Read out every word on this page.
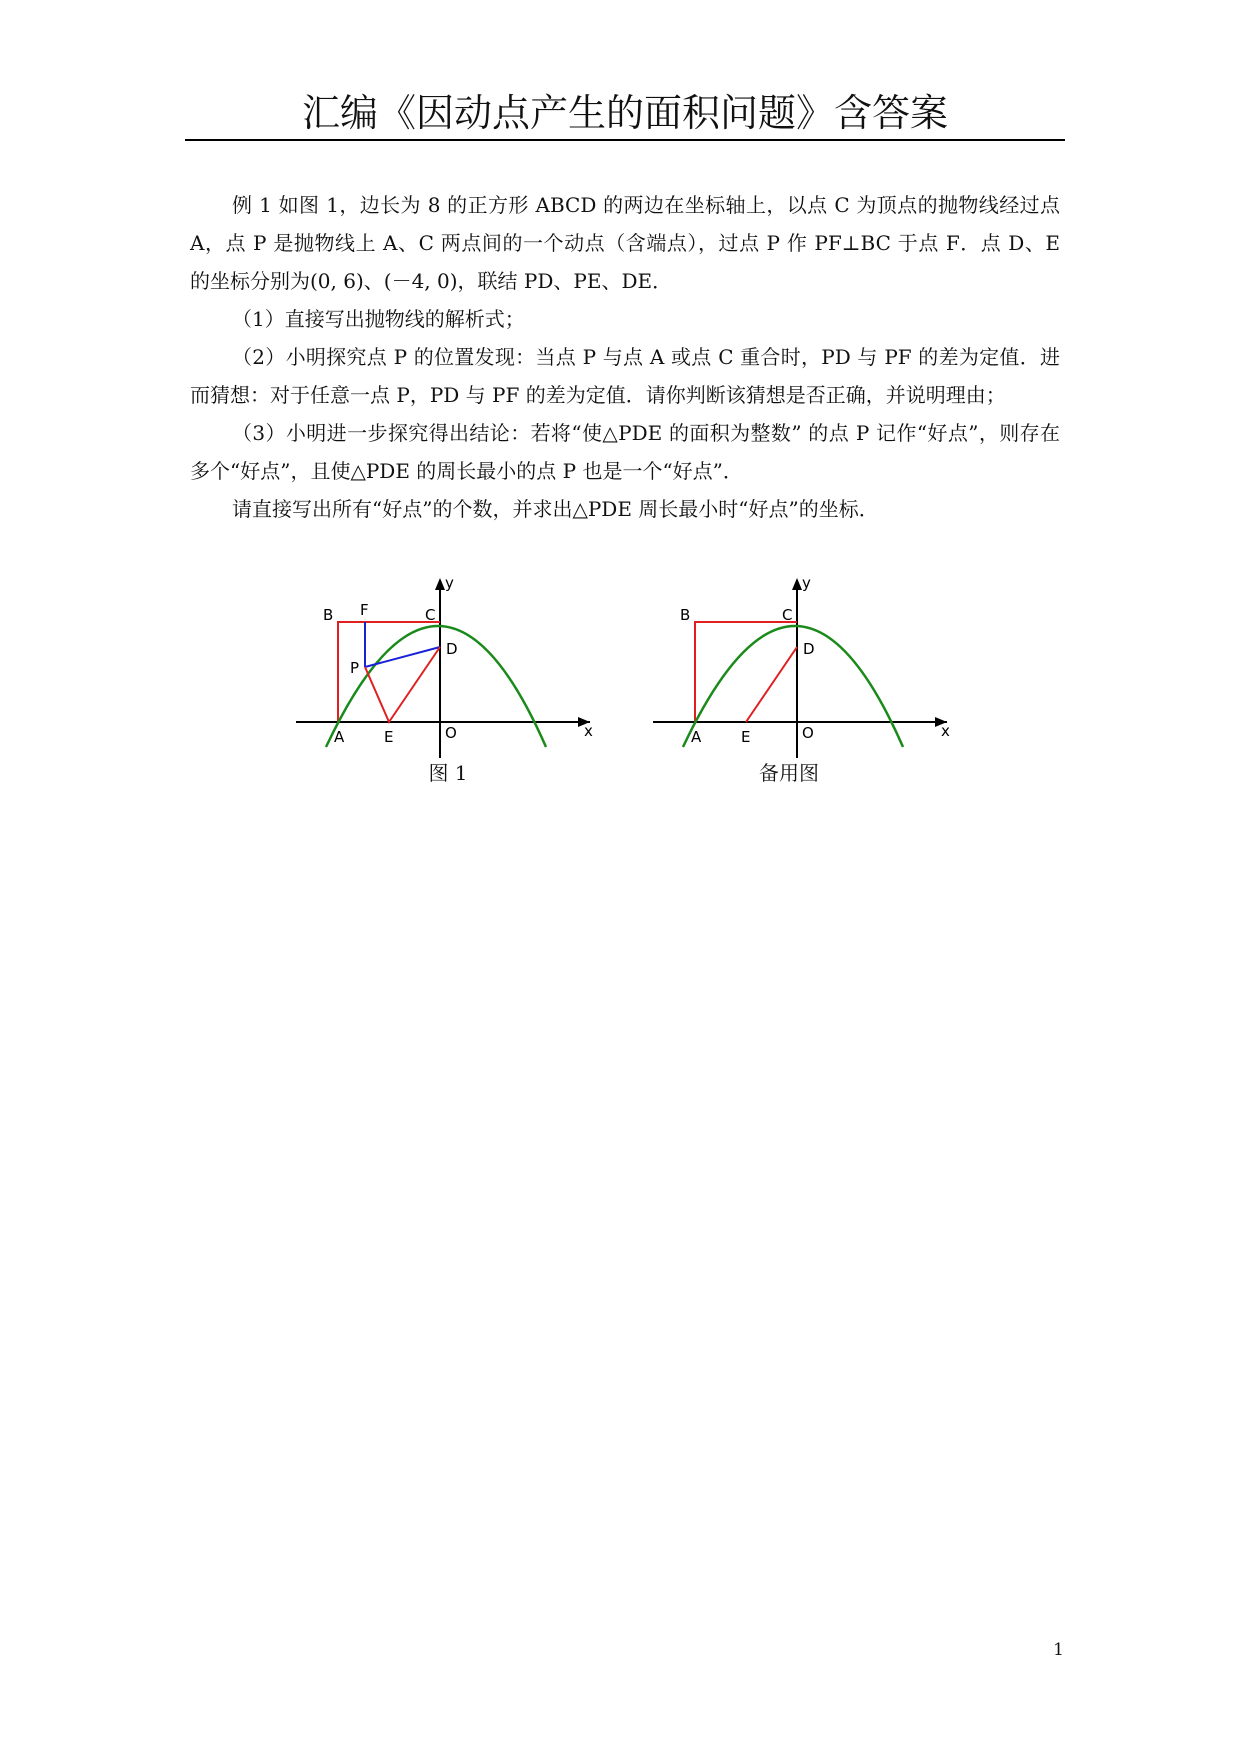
汇编《因动点产生的面积问题》含答案

例 1 如图 1，边长为 8 的正方形 ABCD 的两边在坐标轴上，以点 C 为顶点的抛物线经过点 A，点 P 是抛物线上 A、C 两点间的一个动点（含端点），过点 P 作 PF⊥BC 于点 F．点 D、E 的坐标分别为(0, 6)、(－4, 0)，联结 PD、PE、DE．

（1）直接写出抛物线的解析式；

（2）小明探究点 P 的位置发现：当点 P 与点 A 或点 C 重合时，PD 与 PF 的差为定值．进而猜想：对于任意一点 P，PD 与 PF 的差为定值．请你判断该猜想是否正确，并说明理由；

（3）小明进一步探究得出结论：若将“使△PDE 的面积为整数” 的点 P 记作“好点”，则存在多个“好点”，且使△PDE 的周长最小的点 P 也是一个“好点”．

请直接写出所有“好点”的个数，并求出△PDE 周长最小时“好点”的坐标．

y
x
B F	C
D
P
A	E	O
图 1
y
x
B	C
D
A	E	O
备用图
1
